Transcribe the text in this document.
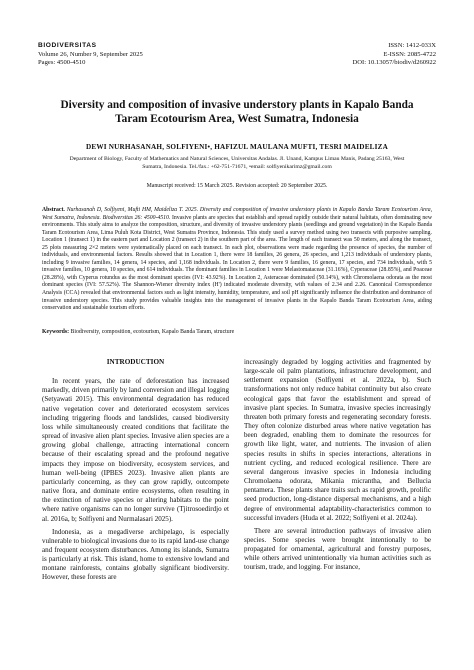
BIODIVERSITAS
Volume 26, Number 9, September 2025
Pages: 4500-4510
ISSN: 1412-033X
E-ISSN: 2085-4722
DOI: 10.13057/biodiv/d260922
Diversity and composition of invasive understory plants in Kapalo Banda Taram Ecotourism Area, West Sumatra, Indonesia
DEWI NURHASANAH, SOLFIYENI•, HAFIZUL MAULANA MUFTI, TESRI MAIDELIZA
Department of Biology, Faculty of Mathematics and Natural Sciences, Universitas Andalas. Jl. Unand, Kampus Limau Manis, Padang 25163, West
Sumatra, Indonesia. Tel./fax.: +62-751-71671, •email: solfiyenikarimz@gmail.com
Manuscript received: 15 March 2025. Revision accepted: 20 September 2025.
Abstract. Nurhasanah D, Solfiyeni, Mufti HM, Maideliza T. 2025. Diversity and composition of invasive understory plants in Kapalo Banda Taram Ecotourism Area, West Sumatra, Indonesia. Biodiversitas 26: 4500-4510. Invasive plants are species that establish and spread rapidly outside their natural habitats, often dominating new environments. This study aims to analyze the composition, structure, and diversity of invasive understory plants (seedlings and ground vegetation) in the Kapalo Banda Taram Ecotourism Area, Lima Puluh Kota District, West Sumatra Province, Indonesia. This study used a survey method using two transects with purposive sampling. Location 1 (transect 1) in the eastern part and Location 2 (transect 2) in the southern part of the area. The length of each transect was 50 meters, and along the transect, 25 plots measuring 2×2 meters were systematically placed on each transect. In each plot, observations were made regarding the presence of species, the number of individuals, and environmental factors. Results showed that in Location 1, there were 18 families, 26 genera, 26 species, and 1,213 individuals of understory plants, including 9 invasive families, 14 genera, 14 species, and 1,168 individuals. In Location 2, there were 9 families, 16 genera, 17 species, and 734 individuals, with 5 invasive families, 10 genera, 10 species, and 614 individuals. The dominant families in Location 1 were Melastomataceae (31.16%), Cyperaceae (28.85%), and Poaceae (28.28%), with Cyperus rotundus as the most dominant species (IVI: 43.92%). In Location 2, Asteraceae dominated (50.14%), with Chromolaena odorata as the most dominant species (IVI: 57.52%). The Shannon-Wiener diversity index (H') indicated moderate diversity, with values of 2.34 and 2.26. Canonical Correspondence Analysis (CCA) revealed that environmental factors such as light intensity, humidity, temperature, and soil pH significantly influence the distribution and dominance of invasive understory species. This study provides valuable insights into the management of invasive plants in the Kapalo Banda Taram Ecotourism Area, aiding conservation and sustainable tourism efforts.
Keywords: Biodiversity, composition, ecotourism, Kapalo Banda Taram, structure
INTRODUCTION

In recent years, the rate of deforestation has increased markedly, driven primarily by land conversion and illegal logging (Setyawati 2015). This environmental degradation has reduced native vegetation cover and deteriorated ecosystem services including triggering floods and landslides, caused biodiversity loss while simultaneously created conditions that facilitate the spread of invasive alien plant species. Invasive alien species are a growing global challenge, attracting international concern because of their escalating spread and the profound negative impacts they impose on biodiversity, ecosystem services, and human well-being (IPBES 2023). Invasive alien plants are particularly concerning, as they can grow rapidly, outcompete native flora, and dominate entire ecosystems, often resulting in the extinction of native species or altering habitats to the point where native organisms can no longer survive (Tjitrosoedirdjo et al. 2016a, b; Solfiyeni and Nurmalasari 2025).

Indonesia, as a megadiverse archipelago, is especially vulnerable to biological invasions due to its rapid land-use change and frequent ecosystem disturbances. Among its islands, Sumatra is particularly at risk. This island, home to extensive lowland and montane rainforests, contains globally significant biodiversity. However, these forests are

increasingly degraded by logging activities and fragmented by large-scale oil palm plantations, infrastructure development, and settlement expansion (Solfiyeni et al. 2022a, b). Such transformations not only reduce habitat continuity but also create ecological gaps that favor the establishment and spread of invasive plant species. In Sumatra, invasive species increasingly threaten both primary forests and regenerating secondary forests. They often colonize disturbed areas where native vegetation has been degraded, enabling them to dominate the resources for growth like light, water, and nutrients. The invasion of alien species results in shifts in species interactions, alterations in nutrient cycling, and reduced ecological resilience. There are several dangerous invasive species in Indonesia including Chromolaena odorata, Mikania micrantha, and Bellucia pentamera. These plants share traits such as rapid growth, prolific seed production, long-distance dispersal mechanisms, and a high degree of environmental adaptability-characteristics common to successful invaders (Huda et al. 2022; Solfiyeni et al. 2024a).

There are several introduction pathways of invasive alien species. Some species were brought intentionally to be propagated for ornamental, agricultural and forestry purposes, while others arrived unintentionally via human activities such as tourism, trade, and logging. For instance,
